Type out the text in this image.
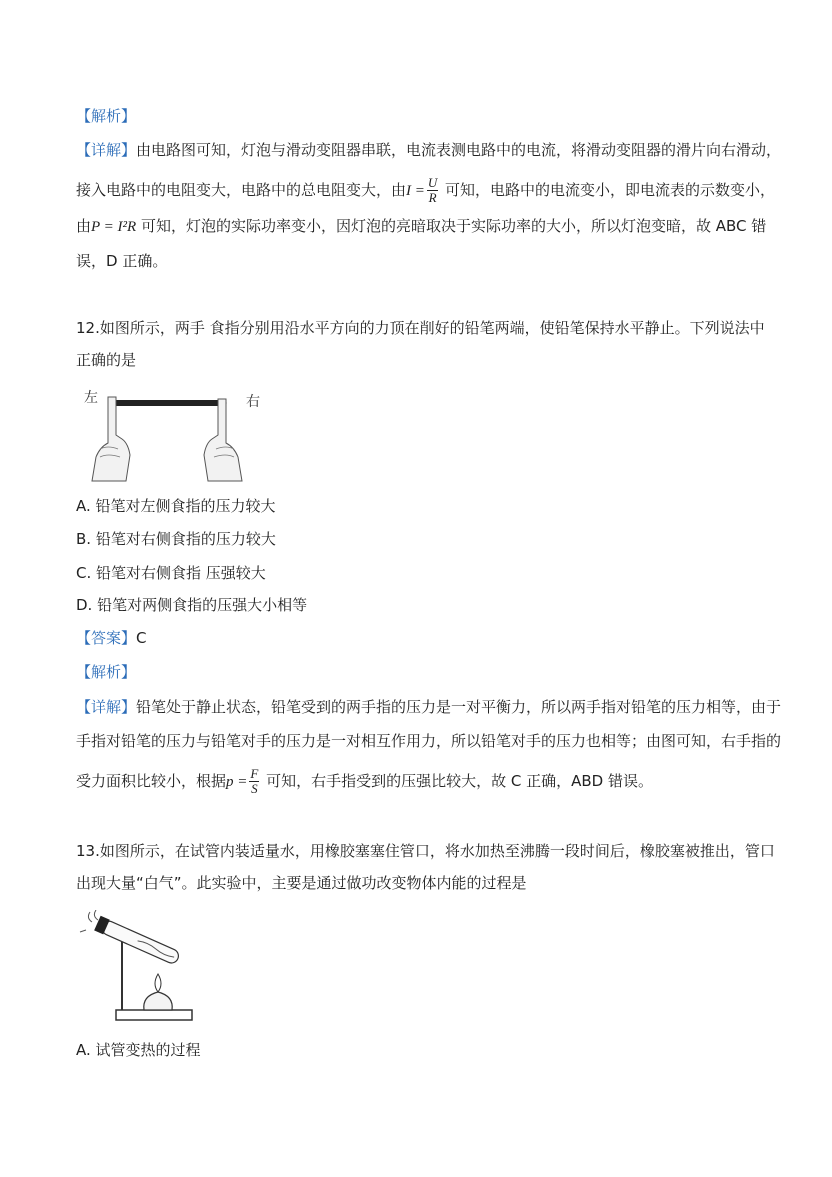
【解析】
【详解】由电路图可知，灯泡与滑动变阻器串联，电流表测电路中的电流，将滑动变阻器的滑片向右滑动，
接入电路中的电阻变大，电路中的总电阻变大，由$I = \frac{U}{R}$ 可知，电路中的电流变小，即电流表的示数变小，
由P = I²R 可知，灯泡的实际功率变小，因灯泡的亮暗取决于实际功率的大小，所以灯泡变暗，故 ABC 错
误，D 正确。
12.如图所示，两手 食指分别用沿水平方向的力顶在削好的铅笔两端，使铅笔保持水平静止。下列说法中
正确的是
左	右
A. 铅笔对左侧食指的压力较大
B. 铅笔对右侧食指的压力较大
C. 铅笔对右侧食指 压强较大
D. 铅笔对两侧食指的压强大小相等
【答案】C
【解析】
【详解】铅笔处于静止状态，铅笔受到的两手指的压力是一对平衡力，所以两手指对铅笔的压力相等，由于
手指对铅笔的压力与铅笔对手的压力是一对相互作用力，所以铅笔对手的压力也相等；由图可知，右手指的
受力面积比较小，根据$p = \frac{F}{S}$ 可知，右手指受到的压强比较大，故 C 正确，ABD 错误。
13.如图所示，在试管内装适量水，用橡胶塞塞住管口，将水加热至沸腾一段时间后，橡胶塞被推出，管口
出现大量“白气”。此实验中，主要是通过做功改变物体内能的过程是
A. 试管变热的过程
